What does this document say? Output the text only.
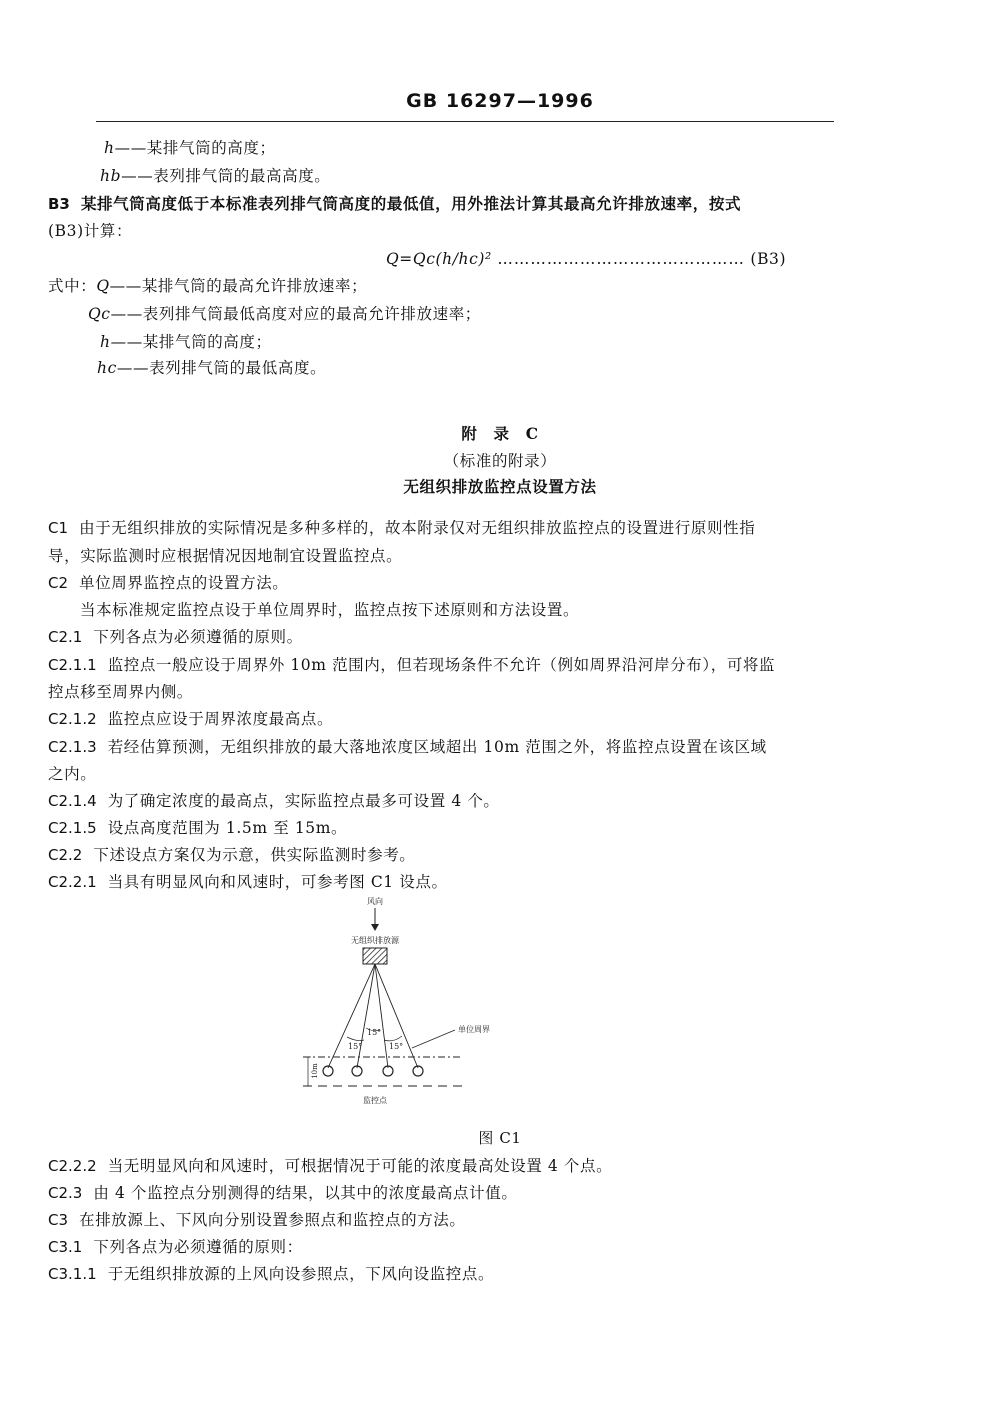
GB 16297—1996
h——某排气筒的高度；
hb——表列排气筒的最高高度。
B3 某排气筒高度低于本标准表列排气筒高度的最低值，用外推法计算其最高允许排放速率，按式
(B3)计算：
Q=Qc(h/hc)² ……………………………………… (B3)
式中：Q——某排气筒的最高允许排放速率；
Qc——表列排气筒最低高度对应的最高允许排放速率；
h——某排气筒的高度；
hc——表列排气筒的最低高度。
附　录　C
（标准的附录）
无组织排放监控点设置方法
C1 由于无组织排放的实际情况是多种多样的，故本附录仅对无组织排放监控点的设置进行原则性指
导，实际监测时应根据情况因地制宜设置监控点。
C2 单位周界监控点的设置方法。
当本标准规定监控点设于单位周界时，监控点按下述原则和方法设置。
C2.1 下列各点为必须遵循的原则。
C2.1.1 监控点一般应设于周界外 10m 范围内，但若现场条件不允许（例如周界沿河岸分布），可将监
控点移至周界内侧。
C2.1.2 监控点应设于周界浓度最高点。
C2.1.3 若经估算预测，无组织排放的最大落地浓度区域超出 10m 范围之外，将监控点设置在该区域
之内。
C2.1.4 为了确定浓度的最高点，实际监控点最多可设置 4 个。
C2.1.5 设点高度范围为 1.5m 至 15m。
C2.2 下述设点方案仅为示意，供实际监测时参考。
C2.2.1 当具有明显风向和风速时，可参考图 C1 设点。
风向
无组织排放源
15°
15°
15°
单位周界
10m
监控点
图 C1
C2.2.2 当无明显风向和风速时，可根据情况于可能的浓度最高处设置 4 个点。
C2.3 由 4 个监控点分别测得的结果，以其中的浓度最高点计值。
C3 在排放源上、下风向分别设置参照点和监控点的方法。
C3.1 下列各点为必须遵循的原则：
C3.1.1 于无组织排放源的上风向设参照点，下风向设监控点。
